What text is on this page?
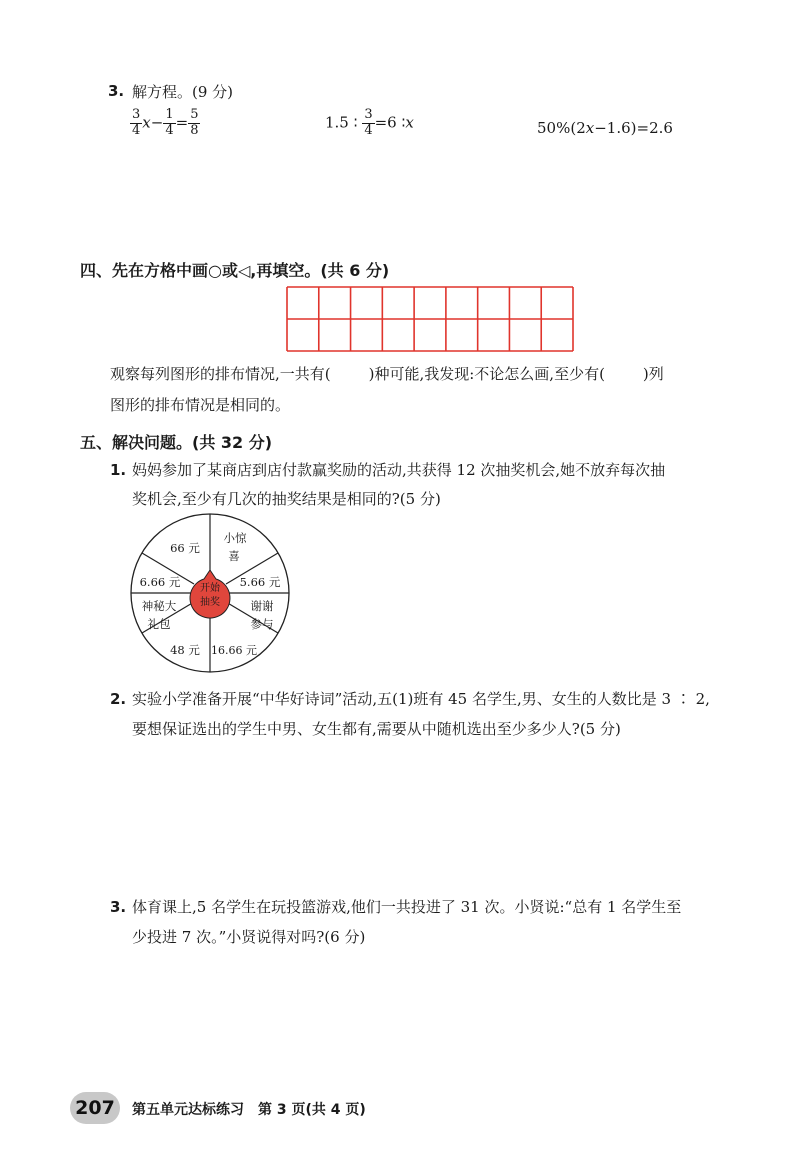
3. 解方程。(9 分)
$\frac{3}{4} x- \frac{1}{4} = \frac{5}{8}$	1.5 ∶ $\frac{3}{4} =6$ ∶x	50%(2x−1.6)=2.6
四、先在方格中画○或◁,再填空。(共 6 分)
观察每列图形的排布情况,一共有(	)种可能,我发现:不论怎么画,至少有(	)列
图形的排布情况是相同的。
五、解决问题。(共 32 分)
1. 妈妈参加了某商店到店付款赢奖励的活动,共获得 12 次抽奖机会,她不放弃每次抽
奖机会,至少有几次的抽奖结果是相同的?(5 分)
开始
抽奖
66 元
小惊
喜
6.66 元	5.66 元
神秘大
礼包
谢谢
参与
48 元 16.66 元
2. 实验小学准备开展“中华好诗词”活动,五(1)班有 45 名学生,男、女生的人数比是 3 ∶ 2,
要想保证选出的学生中男、女生都有,需要从中随机选出至少多少人?(5 分)
3. 体育课上,5 名学生在玩投篮游戏,他们一共投进了 31 次。小贤说:“总有 1 名学生至
少投进 7 次。”小贤说得对吗?(6 分)
207	第五单元达标练习　第 3 页(共 4 页)
